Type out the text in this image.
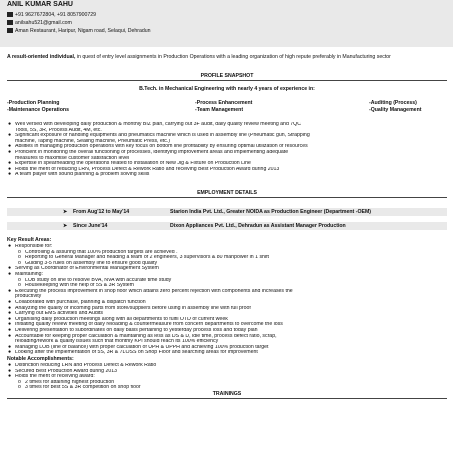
ANIL KUMAR SAHU
+91 9627672804, +91 8057900729
anilsahu521@gmail.com
Aman Restaurant, Haripur, Nigam road, Selaqui, Dehradun
A result-oriented individual, in quest of entry level assignments in Production Operations with a leading organization of high repute preferably in Manufacturing sector
PROFILE SNAPSHOT
B.Tech. in Mechanical Engineering with nearly 4 years of experience in:
-Production Planning	-Process Enhancement	-Auditing (Process)
-Maintenance Operations	-Team Management	-Quality Management
● Well versed with developing daily production & monthly BIZ plan, carrying out 3F audit, daily quality review meeting and 7QC
Tools, 5S, 3R, Process Audit, 4M, etc.
● Significant exposure of handling equipments and pneumatics machine which is used in assembly line (Pneumatic gun, Strapping
machine, Taping machine, Sealing machine, Pneumatic Press, etc.)
● Abilities in managing production operations with key focus on bottom line profitability by ensuring optimal utilization of resources
● Proficient in monitoring the overall functioning of processes, identifying improvement areas and implementing adequate
measures to maximise customer satisfaction level
● Expertise in spearheading the operations related to installation of New Jig & Fixture on Production Line
● Holds the merit of reducing LRN, Process Defect & Rework Ratio and receiving Best Production Award during 2013
● A team player with sound planning & problem solving skills
EMPLOYMENT DETAILS
➤ From Aug'12 to May'14	Starion India Pvt. Ltd., Greater NOIDA as Production Engineer (Department -OEM)
➤ Since June'14	Dixon Appliances Pvt. Ltd., Dehradun as Assistant Manager Production
Key Result Areas:
● Responsible for:
o Controlling & assuring that 100% production targets are achieved .
o Reporting to General Manager and heading a team of 2 engineers, 3 supervisors & 80 manpower in 1 shift
o Guiding 3-5 rules on assembly line to ensure good quality
● Serving as Coordinator of Environmental Management System
● Maintaining:
o LOB study on line to resolve BVA, NVA with accurate time study
o Housekeeping with the help of 5S & 3R System
● Executing the process improvement in shop floor which attains zero percent rejection with components and increases the
productivity
● Collaborated with purchase, planning & dispatch function
● Analyzing the quality of incoming parts from store/suppliers before using in assembly line with full proof
● Carrying out EMS activities and Audits
● Organising daily production meetings along with all departments to fulfil OTD of current week
● Initiating quality review meeting of daily reloading & countermeasure from concern departments to overcome the loss
● Delivering presentation to subordinates on daily basis pertaining to yesterday process loss and today plan
● Accountable for keeping proper calculation & maintaining as less as DS & D, idle time, process defect ratio, scrap,
reloading/rework & quality issues such that monthly KPI should reach its 100% efficiency
● Managing LOB (line of balance) with proper calculation of UPH & UPPH and achieving 100% production target
● Looking after the implementation of 5S, 3R & 7LOSS on Shop Floor and searching areas for improvement
Notable Accomplishments:
● Distinction reducing LRN and Process Defect & Rework Ratio
● Secured Best Production Award during 2013
● Holds the merit of receiving award:
o 2 times for attaining highest production
o 3 times for best 5S & 3R competition on shop floor
TRAININGS
